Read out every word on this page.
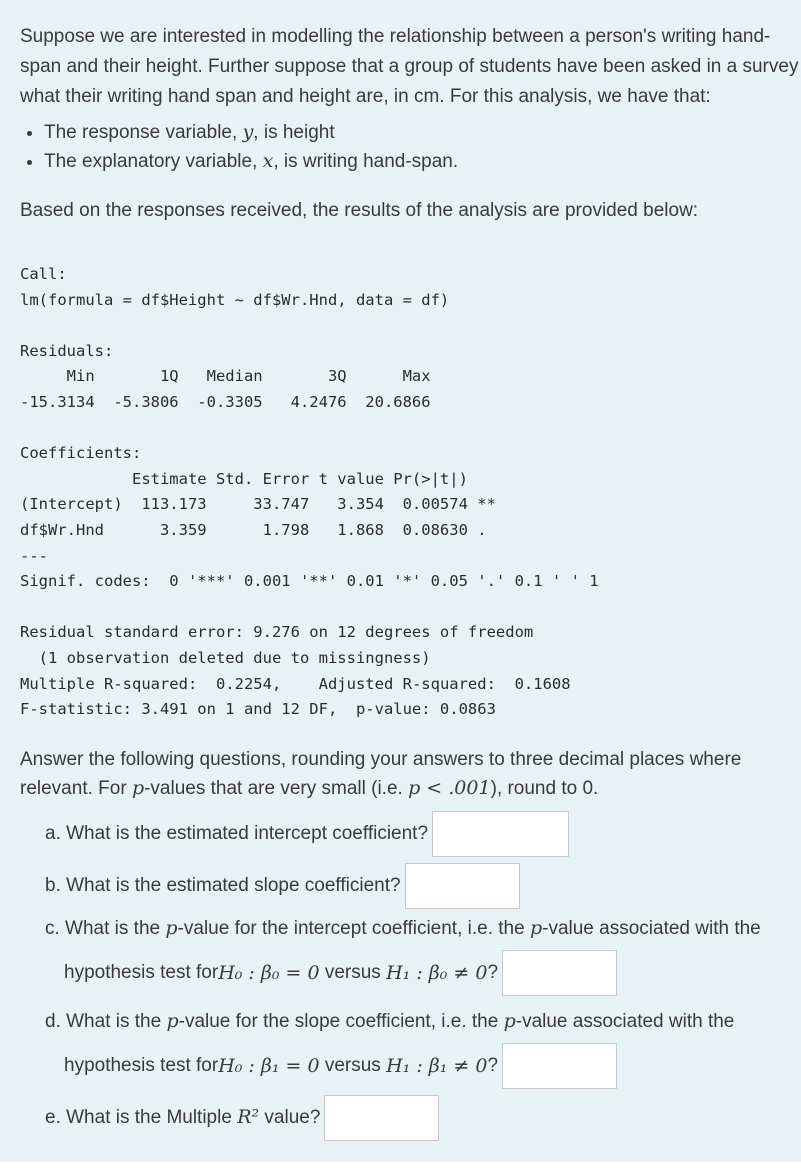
Suppose we are interested in modelling the relationship between a person's writing hand-span and their height. Further suppose that a group of students have been asked in a survey what their writing hand span and height are, in cm. For this analysis, we have that:

• The response variable, y, is height
• The explanatory variable, x, is writing hand-span.

Based on the responses received, the results of the analysis are provided below:

Call:
lm(formula = df$Height ~ df$Wr.Hnd, data = df)

Residuals:
Min       1Q   Median       3Q      Max
-15.3134  -5.3806  -0.3305   4.2476  20.6866

Coefficients:
Estimate Std. Error t value Pr(>|t|)
(Intercept)  113.173     33.747   3.354  0.00574 **
df$Wr.Hnd      3.359      1.798   1.868  0.08630 .
---
Signif. codes:  0 '***' 0.001 '**' 0.01 '*' 0.05 '.' 0.1 ' ' 1

Residual standard error: 9.276 on 12 degrees of freedom
(1 observation deleted due to missingness)
Multiple R-squared:  0.2254,	Adjusted R-squared:  0.1608
F-statistic: 3.491 on 1 and 12 DF,  p-value: 0.0863

Answer the following questions, rounding your answers to three decimal places where relevant. For p-values that are very small (i.e. p < .001), round to 0.

a. What is the estimated intercept coefficient?
b. What is the estimated slope coefficient?
c. What is the p-value for the intercept coefficient, i.e. the p-value associated with the
hypothesis test for H₀ : β₀ = 0 versus H₁ : β₀ ≠ 0 ?
d. What is the p-value for the slope coefficient, i.e. the p-value associated with the
hypothesis test for H₀ : β₁ = 0 versus H₁ : β₁ ≠ 0 ?
e. What is the Multiple R² value?
